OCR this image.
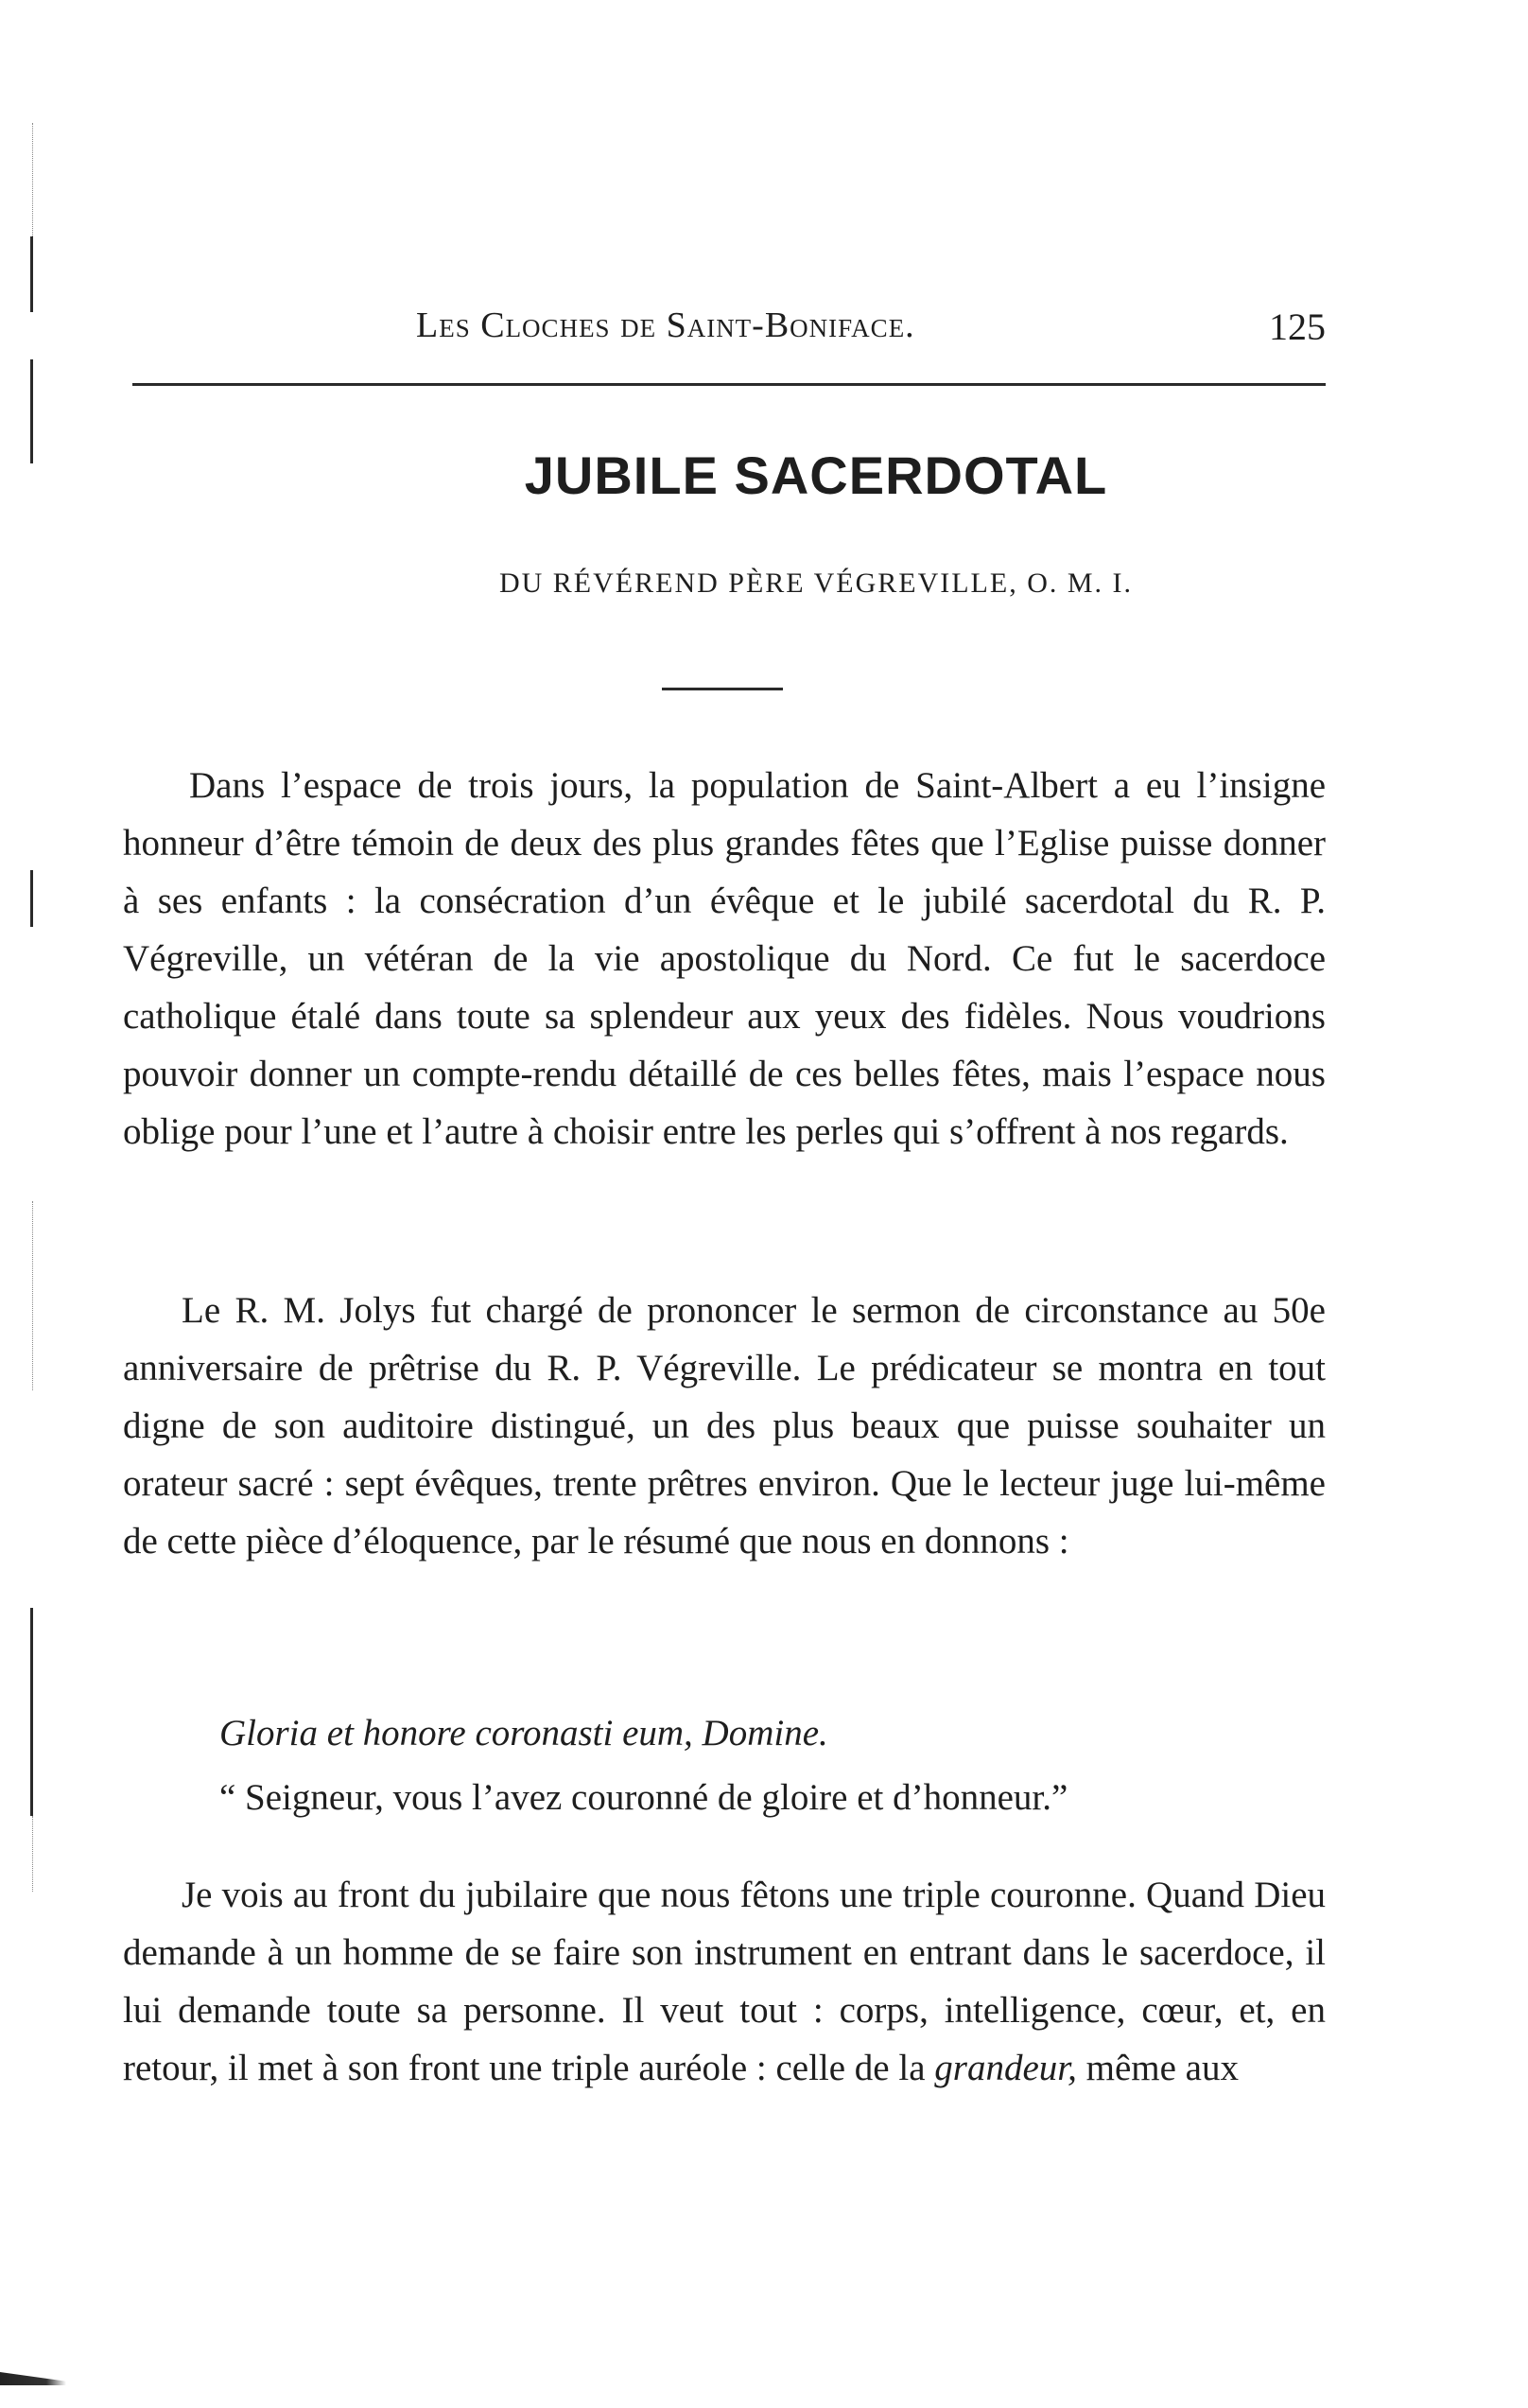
Les Cloches de Saint-Boniface.	125
JUBILE SACERDOTAL
DU RÉVÉREND PÈRE VÉGREVILLE, O. M. I.
Dans l’espace de trois jours, la population de Saint-Albert a eu l’insigne honneur d’être témoin de deux des plus grandes fêtes que l’Eglise puisse donner à ses enfants : la consécration d’un évêque et le jubilé sacerdotal du R. P. Végreville, un vétéran de la vie apostolique du Nord. Ce fut le sacerdoce catholique étalé dans toute sa splendeur aux yeux des fidèles. Nous voudrions pouvoir donner un compte-rendu détaillé de ces belles fêtes, mais l’espace nous oblige pour l’une et l’autre à choisir entre les perles qui s’offrent à nos regards.
Le R. M. Jolys fut chargé de prononcer le sermon de circonstance au 50e anniversaire de prêtrise du R. P. Végreville. Le prédicateur se montra en tout digne de son auditoire distingué, un des plus beaux que puisse souhaiter un orateur sacré : sept évêques, trente prêtres environ. Que le lecteur juge lui-même de cette pièce d’éloquence, par le résumé que nous en donnons :
Gloria et honore coronasti eum, Domine.
“ Seigneur, vous l’avez couronné de gloire et d’honneur.”
Je vois au front du jubilaire que nous fêtons une triple couronne. Quand Dieu demande à un homme de se faire son instrument en entrant dans le sacerdoce, il lui demande toute sa personne. Il veut tout : corps, intelligence, cœur, et, en retour, il met à son front une triple auréole : celle de la grandeur, même aux
